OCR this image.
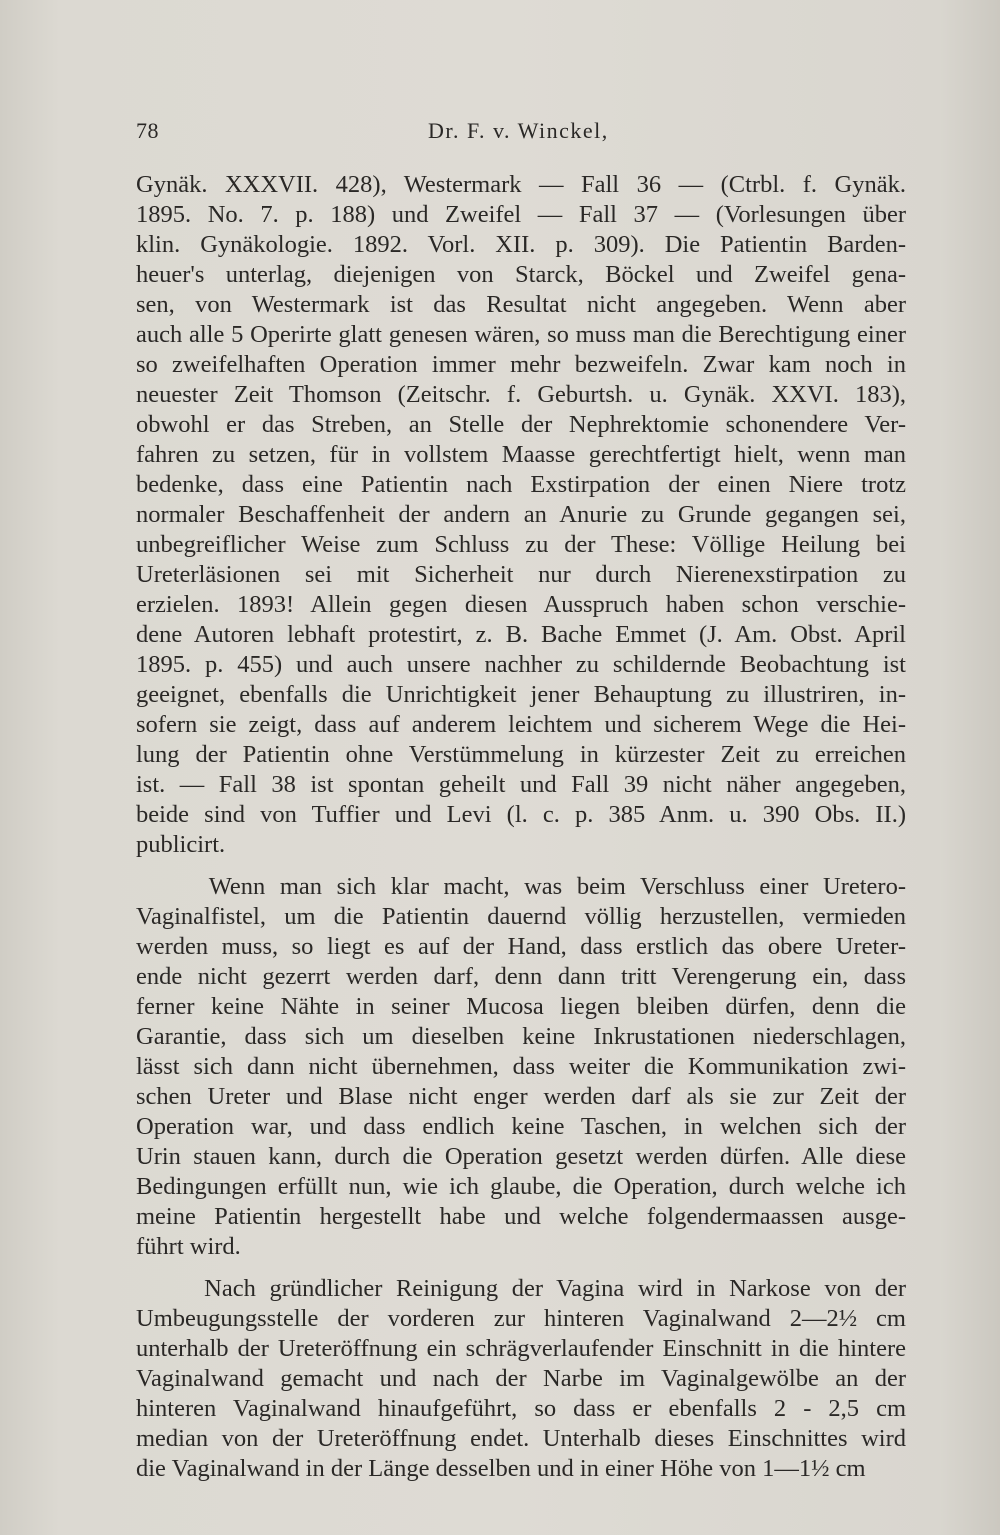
78	Dr. F. v. Winckel,
Gynäk. XXXVII. 428), Westermark — Fall 36 — (Ctrbl. f. Gynäk.
1895. No. 7. p. 188) und Zweifel — Fall 37 — (Vorlesungen über
klin. Gynäkologie. 1892. Vorl. XII. p. 309). Die Patientin Barden-
heuer's unterlag, diejenigen von Starck, Böckel und Zweifel gena-
sen, von Westermark ist das Resultat nicht angegeben. Wenn aber
auch alle 5 Operirte glatt genesen wären, so muss man die Berechtigung einer
so zweifelhaften Operation immer mehr bezweifeln. Zwar kam noch in
neuester Zeit Thomson (Zeitschr. f. Geburtsh. u. Gynäk. XXVI. 183),
obwohl er das Streben, an Stelle der Nephrektomie schonendere Ver-
fahren zu setzen, für in vollstem Maasse gerechtfertigt hielt, wenn man
bedenke, dass eine Patientin nach Exstirpation der einen Niere trotz
normaler Beschaffenheit der andern an Anurie zu Grunde gegangen sei,
unbegreiflicher Weise zum Schluss zu der These: Völlige Heilung bei
Ureterläsionen sei mit Sicherheit nur durch Nierenexstirpation zu
erzielen. 1893! Allein gegen diesen Ausspruch haben schon verschie-
dene Autoren lebhaft protestirt, z. B. Bache Emmet (J. Am. Obst. April
1895. p. 455) und auch unsere nachher zu schildernde Beobachtung ist
geeignet, ebenfalls die Unrichtigkeit jener Behauptung zu illustriren, in-
sofern sie zeigt, dass auf anderem leichtem und sicherem Wege die Hei-
lung der Patientin ohne Verstümmelung in kürzester Zeit zu erreichen
ist. — Fall 38 ist spontan geheilt und Fall 39 nicht näher angegeben,
beide sind von Tuffier und Levi (l. c. p. 385 Anm. u. 390 Obs. II.)
publicirt.
Wenn man sich klar macht, was beim Verschluss einer Uretero-
Vaginalfistel, um die Patientin dauernd völlig herzustellen, vermieden
werden muss, so liegt es auf der Hand, dass erstlich das obere Ureter-
ende nicht gezerrt werden darf, denn dann tritt Verengerung ein, dass
ferner keine Nähte in seiner Mucosa liegen bleiben dürfen, denn die
Garantie, dass sich um dieselben keine Inkrustationen niederschlagen,
lässt sich dann nicht übernehmen, dass weiter die Kommunikation zwi-
schen Ureter und Blase nicht enger werden darf als sie zur Zeit der
Operation war, und dass endlich keine Taschen, in welchen sich der
Urin stauen kann, durch die Operation gesetzt werden dürfen. Alle diese
Bedingungen erfüllt nun, wie ich glaube, die Operation, durch welche ich
meine Patientin hergestellt habe und welche folgendermaassen ausge-
führt wird.
Nach gründlicher Reinigung der Vagina wird in Narkose von der
Umbeugungsstelle der vorderen zur hinteren Vaginalwand 2—2½ cm
unterhalb der Ureteröffnung ein schrägverlaufender Einschnitt in die hintere
Vaginalwand gemacht und nach der Narbe im Vaginalgewölbe an der
hinteren Vaginalwand hinaufgeführt, so dass er ebenfalls 2 - 2,5 cm
median von der Ureteröffnung endet. Unterhalb dieses Einschnittes wird
die Vaginalwand in der Länge desselben und in einer Höhe von 1—1½ cm
